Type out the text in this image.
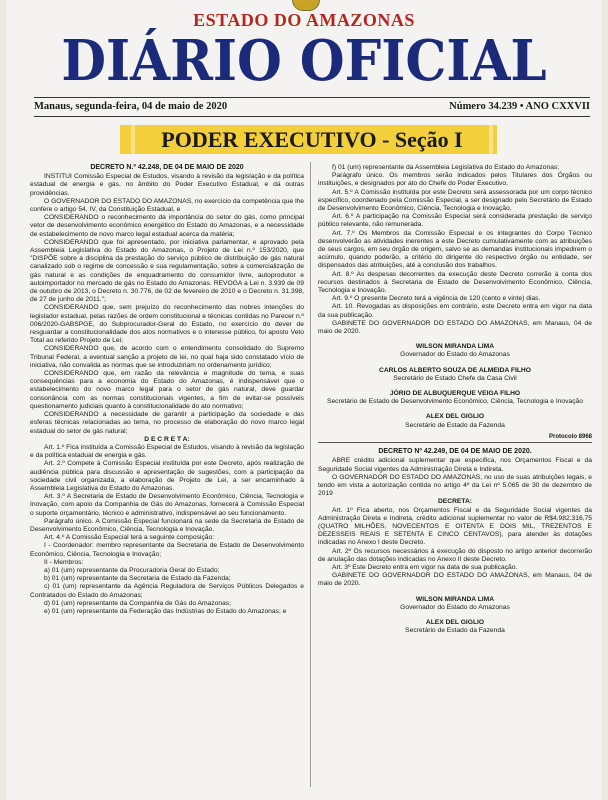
ESTADO DO AMAZONAS
DIÁRIO OFICIAL
Manaus, segunda-feira, 04 de maio de 2020	Número 34.239 • ANO CXXVII
PODER EXECUTIVO - Seção I

DECRETO N.º 42.248, DE 04 DE MAIO DE 2020

INSTITUI Comissão Especial de Estudos, visando à revisão da legislação e da política estadual de energia e gás, no âmbito do Poder Executivo Estadual, e dá outras providências.

O GOVERNADOR DO ESTADO DO AMAZONAS, no exercício da competência que lhe confere o artigo 54, IV, da Constituição Estadual, e

CONSIDERANDO o reconhecimento da importância do setor do gás, como principal vetor de desenvolvimento econômico energético do Estado do Amazonas, e a necessidade de estabelecimento de novo marco legal estadual acerca da matéria;

CONSIDERANDO que foi apresentado, por iniciativa parlamentar, e aprovado pela Assembleia Legislativa do Estado do Amazonas, o Projeto de Lei n.º 153/2020, que "DISPÕE sobre a disciplina da prestação do serviço público de distribuição de gás natural canalizado sob o regime de concessão e sua regulamentação, sobre a comercialização de gás natural e as condições de enquadramento do consumidor livre, autoprodutor e autoimportador no mercado de gás no Estado do Amazonas. REVOGA a Lei n. 3.939 de 09 de outubro de 2013, o Decreto n. 30.776, de 02 de fevereiro de 2010 e o Decreto n. 31.398, de 27 de junho de 2011.";

CONSIDERANDO que, sem prejuízo do reconhecimento das nobres intenções do legislador estadual, pelas razões de ordem constitucional e técnicas contidas no Parecer n.º 006/2020-GABSPGE, do Subprocurador-Geral do Estado, no exercício do dever de resguardar a constitucionalidade dos atos normativos e o interesse público, foi aposto Veto Total ao referido Projeto de Lei;

CONSIDERANDO que, de acordo com o entendimento consolidado do Supremo Tribunal Federal, a eventual sanção a projeto de lei, no qual haja sido constatado vício de iniciativa, não convalida as normas que se introduziriam no ordenamento jurídico;

CONSIDERANDO que, em razão da relevância e magnitude do tema, e suas consequências para a economia do Estado do Amazonas, é indispensável que o estabelecimento do novo marco legal para o setor de gás natural, deve guardar consonância com as normas constitucionais vigentes, a fim de evitar-se possíveis questionamento judiciais quanto à constitucionalidade do ato normativo;

CONSIDERANDO a necessidade de garantir a participação da sociedade e das esferas técnicas relacionadas ao tema, no processo de elaboração do novo marco legal estadual do setor de gás natural;

D E C R E T A:

Art. 1.º Fica instituída a Comissão Especial de Estudos, visando à revisão da legislação e da política estadual de energia e gás.

Art. 2.º Compete à Comissão Especial instituída por este Decreto, após realização de audiência pública para discussão e apresentação de sugestões, com a participação da sociedade civil organizada, a elaboração de Projeto de Lei, a ser encaminhado à Assembleia Legislativa do Estado do Amazonas.

Art. 3.º A Secretaria de Estado de Desenvolvimento Econômico, Ciência, Tecnologia e Inovação, com apoio da Companhia de Gás do Amazonas, fornecerá à Comissão Especial o suporte orçamentário, técnico e administrativo, indispensável ao seu funcionamento.

Parágrafo único. A Comissão Especial funcionará na sede da Secretaria de Estado de Desenvolvimento Econômico, Ciência, Tecnologia e Inovação.

Art. 4.º A Comissão Especial terá a seguinte composição:

I - Coordenador: membro representante da Secretaria de Estado de Desenvolvimento Econômico, Ciência, Tecnologia e Inovação;

II - Membros:

a) 01 (um) representante da Procuradoria Geral do Estado;

b) 01 (um) representante da Secretaria de Estado da Fazenda;

c) 01 (um) representante da Agência Reguladora de Serviços Públicos Delegados e Contratados do Estado do Amazonas;

d) 01 (um) representante da Companhia de Gás do Amazonas;

e) 01 (um) representante da Federação das Indústrias do Estado do Amazonas; e

f) 01 (um) representante da Assembleia Legislativa do Estado do Amazonas;

Parágrafo único. Os membros serão indicados pelos Titulares dos Órgãos ou instituições, e designados por ato do Chefe do Poder Executivo.

Art. 5.º A Comissão instituída por este Decreto será assessorada por um corpo técnico específico, coordenado pela Comissão Especial, a ser designado pelo Secretário de Estado de Desenvolvimento Econômico, Ciência, Tecnologia e Inovação.

Art. 6.º A participação na Comissão Especial será considerada prestação de serviço público relevante, não remunerada.

Art. 7.º Os Membros da Comissão Especial e os integrantes do Corpo Técnico desenvolverão as atividades inerentes a este Decreto cumulativamente com as atribuições de seus cargos, em seu órgão de origem, salvo se as demandas institucionais impedirem o acúmulo, quando poderão, a critério do dirigente do respectivo órgão ou entidade, ser dispensados das atribuições, até a conclusão dos trabalhos.

Art. 8.º As despesas decorrentes da execução deste Decreto correrão à conta dos recursos destinados à Secretaria de Estado de Desenvolvimento Econômico, Ciência, Tecnologia e Inovação.

Art. 9.º O presente Decreto terá a vigência de 120 (cento e vinte) dias.

Art. 10. Revogadas as disposições em contrário, este Decreto entra em vigor na data da sua publicação.

GABINETE DO GOVERNADOR DO ESTADO DO AMAZONAS, em Manaus, 04 de maio de 2020.

WILSON MIRANDA LIMA

Governador do Estado do Amazonas

CARLOS ALBERTO SOUZA DE ALMEIDA FILHO

Secretário de Estado Chefe da Casa Civil

JÓRIO DE ALBUQUERQUE VEIGA FILHO

Secretário de Estado de Desenvolvimento Econômico, Ciência, Tecnologia e Inovação

ALEX DEL GIGLIO

Secretário de Estado da Fazenda

Protocolo 8968

DECRETO Nº 42.249, DE 04 DE MAIO DE 2020.

ABRE crédito adicional suplementar que especifica, nos Orçamentos Fiscal e da Seguridade Social vigentes da Administração Direta e Indireta.

O GOVERNADOR DO ESTADO DO AMAZONAS, no uso de suas atribuições legais, e tendo em vista a autorização contida no artigo 4º da Lei nº 5.065 de 30 de dezembro de 2019

DECRETA:

Art. 1º Fica aberto, nos Orçamentos Fiscal e da Seguridade Social vigentes da Administração Direta e Indireta, crédito adicional suplementar no valor de R$4.982.316,75 (QUATRO MILHÕES, NOVECENTOS E OITENTA E DOIS MIL, TREZENTOS E DEZESSEIS REAIS E SETENTA E CINCO CENTAVOS), para atender às dotações indicadas no Anexo I deste Decreto.

Art. 2º Os recursos necessários à execução do disposto no artigo anterior decorrerão de anulação das dotações indicadas no Anexo II deste Decreto.

Art. 3º Este Decreto entra em vigor na data de sua publicação.

GABINETE DO GOVERNADOR DO ESTADO DO AMAZONAS, em Manaus, 04 de maio de 2020.

WILSON MIRANDA LIMA

Governador do Estado do Amazonas

ALEX DEL GIGLIO

Secretário de Estado da Fazenda
